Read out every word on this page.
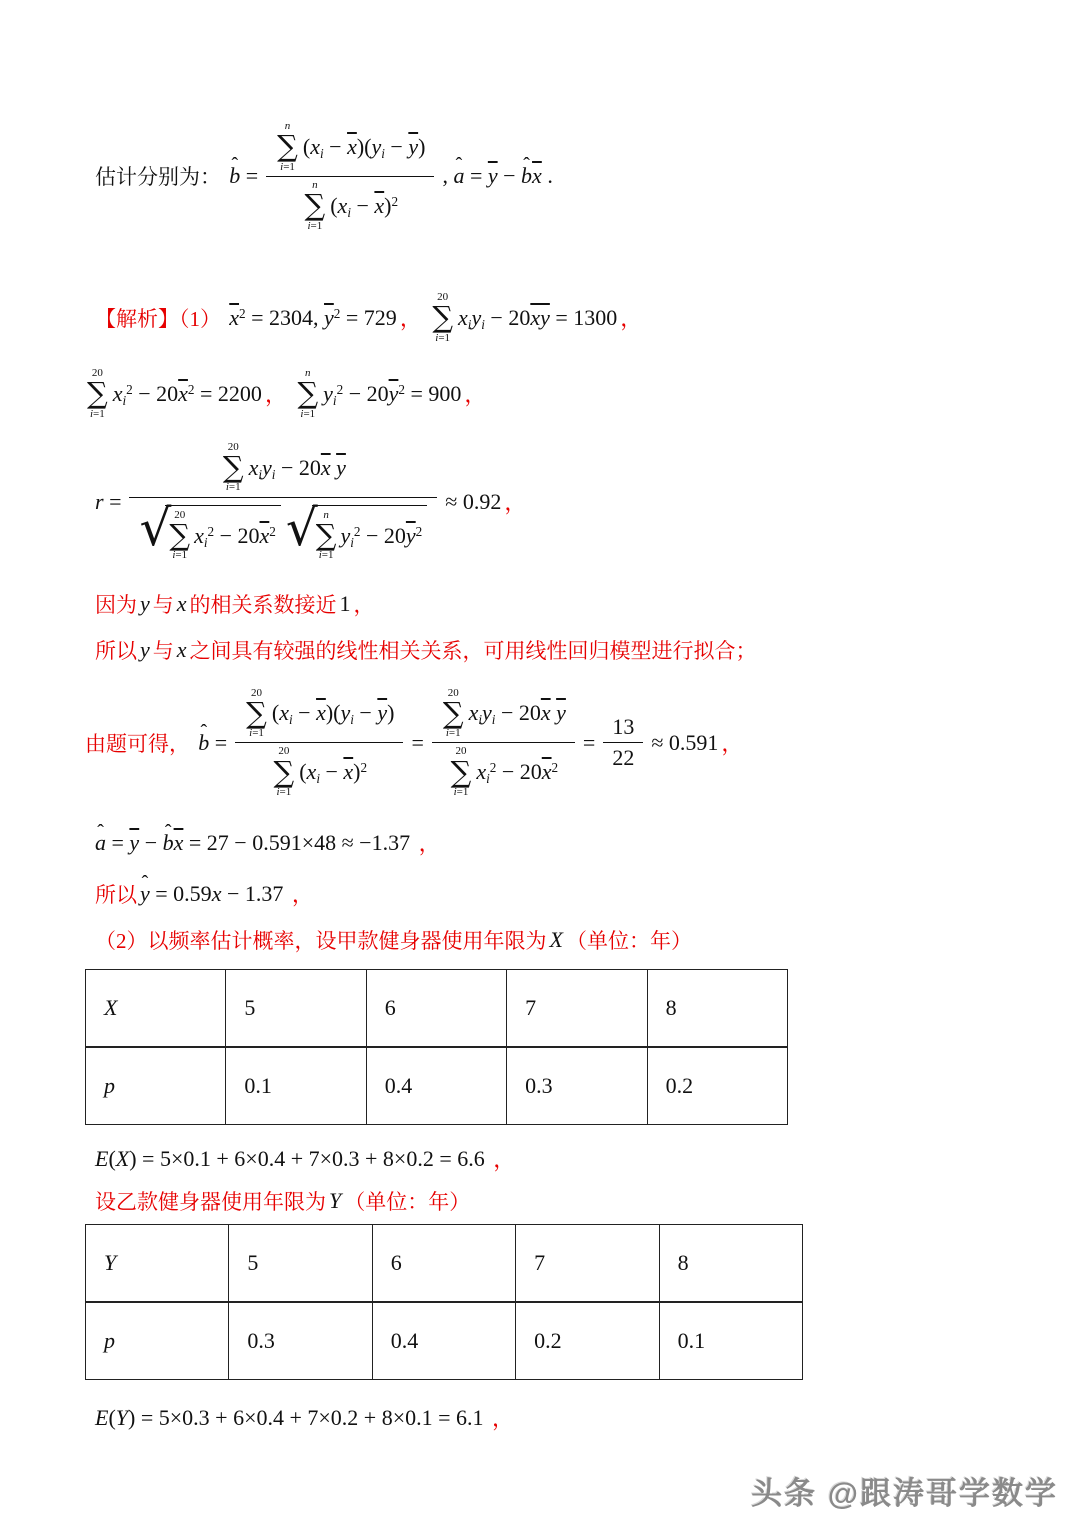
估计分别为： ˆ b = n
∑
i=1
$(x_i - \overline{x})(y_i - \overline{y})$
n
∑
i=1
$(x_i - \overline{x})^2$ , ˆ $a = \overline{y}$ − ˆ $b\overline{x}$ .
【解析】（1） $\overline{x}^2 = 2304$, $\overline{y}^2 = 729$ ，
20
∑
i=1
$x_iy_i - 20\overline{xy} = 1300$ ，
20
∑
i=1
$x_i^2 - 20\overline{x}^2 = 2200$ ，
n
∑
i=1
$y_i^2 - 20\overline{y}^2 = 900$ ，
r =
20
∑
i=1
$x_iy_i - 20\overline{x}$ $\overline{y}$
√ 20
∑
i=1
$x_i^2 - 20\overline{x}^2$ √ n
∑
i=1
$y_i^2 - 20\overline{y}^2$
≈ 0.92 ，
因为 y 与 x 的相关系数接近 1 ，
所以 y 与 x 之间具有较强的线性相关关系，可用线性回归模型进行拟合；
由题可得， ˆ b = 20
∑
i=1
$(x_i - \overline{x})(y_i - \overline{y})$
20
∑
i=1
$(x_i - \overline{x})^2 = 20$
∑
i=1
$x_iy_i - 20\overline{x}$ $\overline{y}$
20
∑
i=1
$x_i^2 - 20\overline{x}^2 = \frac{13}{22} \approx 0.591$ ，
ˆ $a = \overline{y}$ − ˆ $b\overline{x} = 27 - 0.591\times 48 \approx -1.37$ ，
所以 ˆ y = 0.59x − 1.37 ，
（2）以频率估计概率，设甲款健身器使用年限为 X （单位：年）
X	5	6	7	8
p	0.1	0.4	0.3	0.2
E(X) = 5×0.1 + 6×0.4 + 7×0.3 + 8×0.2 = 6.6 ，
设乙款健身器使用年限为 Y （单位：年）
Y	5	6	7	8
p	0.3	0.4	0.2	0.1
E(Y) = 5×0.3 + 6×0.4 + 7×0.2 + 8×0.1 = 6.1 ，
头条 @跟涛哥学数学
